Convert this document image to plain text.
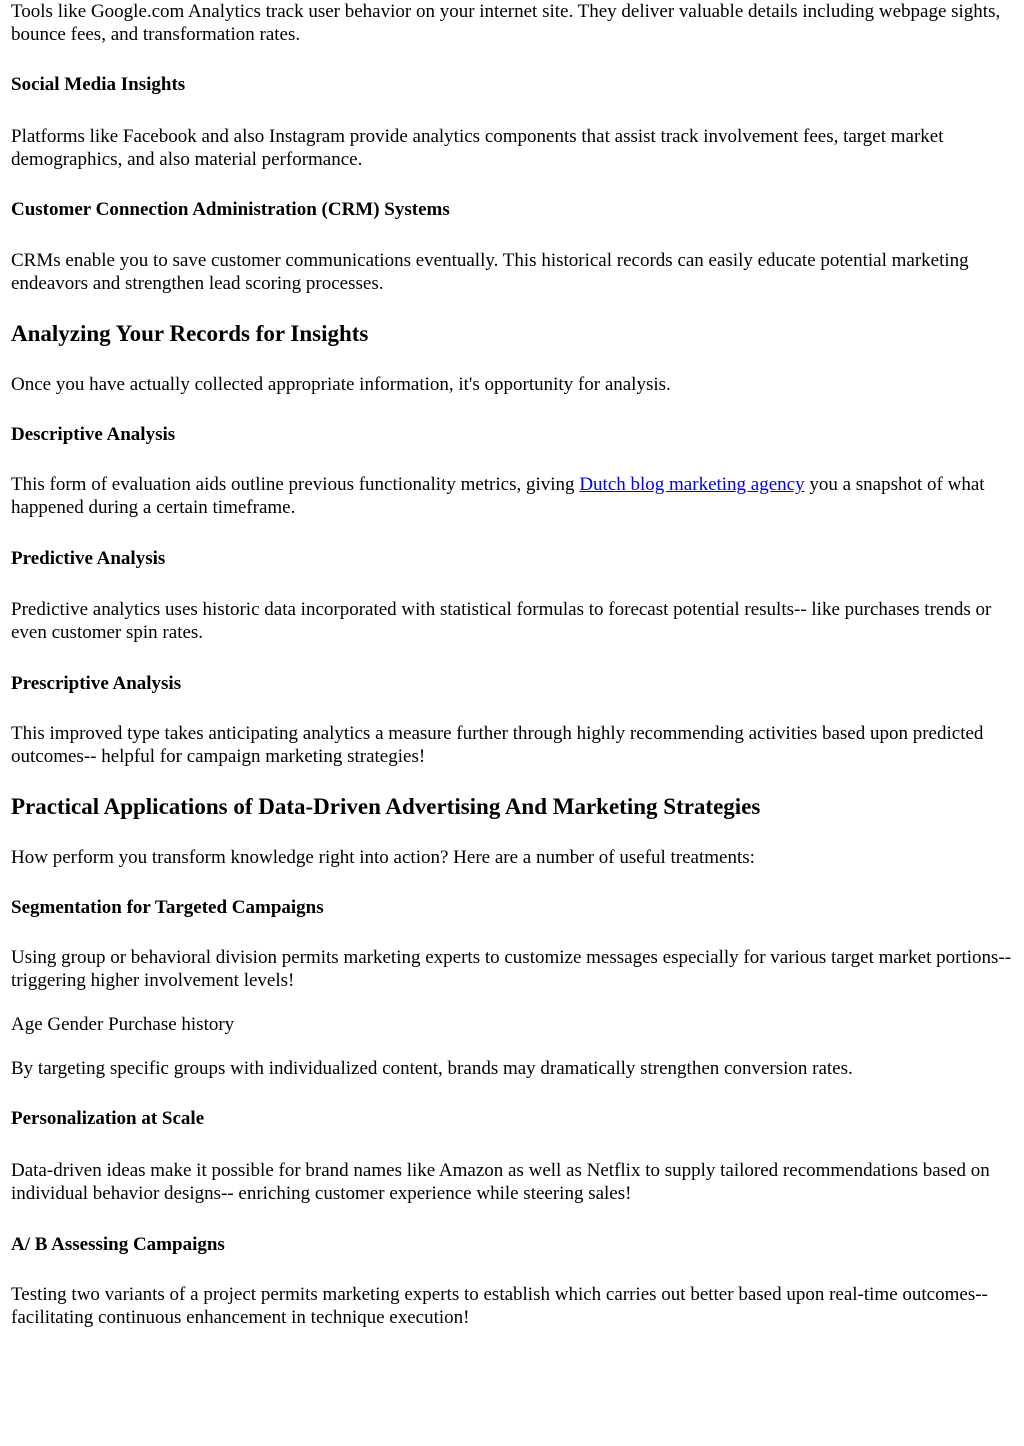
Tools like Google.com Analytics track user behavior on your internet site. They deliver valuable details including webpage sights, bounce fees, and transformation rates.

Social Media Insights

Platforms like Facebook and also Instagram provide analytics components that assist track involvement fees, target market demographics, and also material performance.

Customer Connection Administration (CRM) Systems

CRMs enable you to save customer communications eventually. This historical records can easily educate potential marketing endeavors and strengthen lead scoring processes.

Analyzing Your Records for Insights

Once you have actually collected appropriate information, it's opportunity for analysis.

Descriptive Analysis

This form of evaluation aids outline previous functionality metrics, giving Dutch blog marketing agency you a snapshot of what happened during a certain timeframe.

Predictive Analysis

Predictive analytics uses historic data incorporated with statistical formulas to forecast potential results-- like purchases trends or even customer spin rates.

Prescriptive Analysis

This improved type takes anticipating analytics a measure further through highly recommending activities based upon predicted outcomes-- helpful for campaign marketing strategies!

Practical Applications of Data-Driven Advertising And Marketing Strategies

How perform you transform knowledge right into action? Here are a number of useful treatments:

Segmentation for Targeted Campaigns

Using group or behavioral division permits marketing experts to customize messages especially for various target market portions-- triggering higher involvement levels!

Age Gender Purchase history

By targeting specific groups with individualized content, brands may dramatically strengthen conversion rates.

Personalization at Scale

Data-driven ideas make it possible for brand names like Amazon as well as Netflix to supply tailored recommendations based on individual behavior designs-- enriching customer experience while steering sales!

A/ B Assessing Campaigns

Testing two variants of a project permits marketing experts to establish which carries out better based upon real-time outcomes-- facilitating continuous enhancement in technique execution!
